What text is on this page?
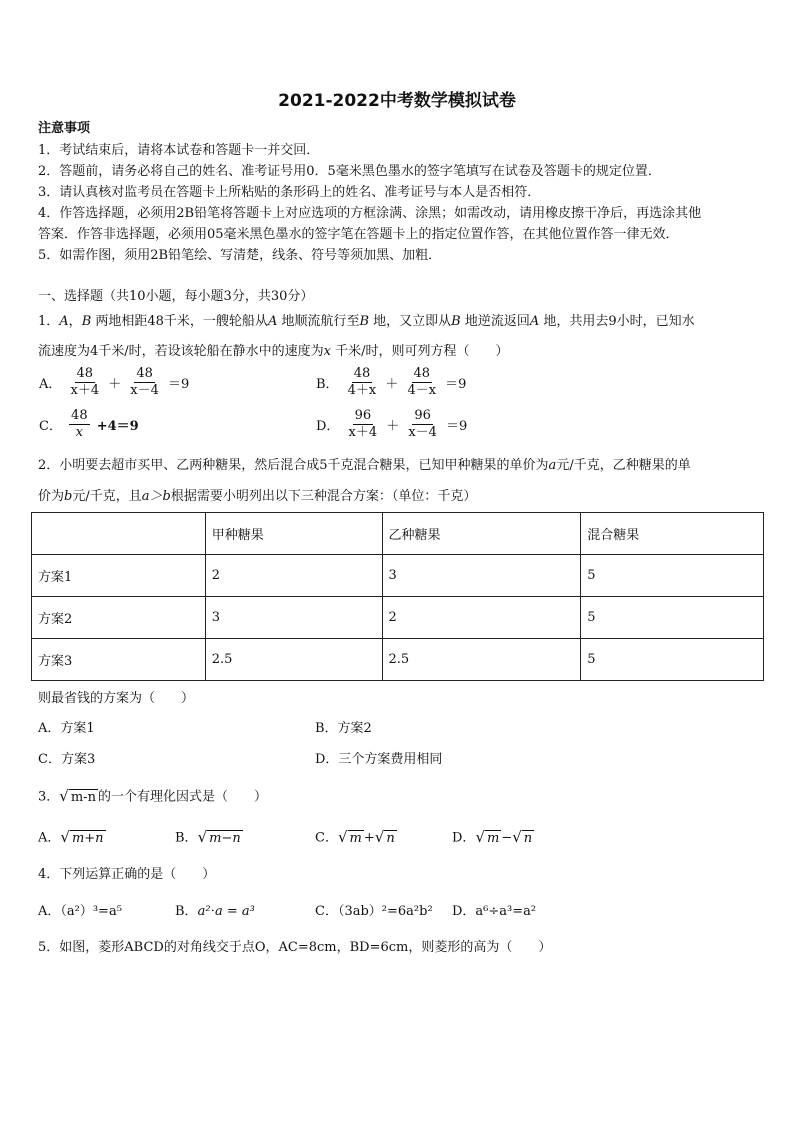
2021-2022中考数学模拟试卷
注意事项
1．考试结束后，请将本试卷和答题卡一并交回．
2．答题前，请务必将自己的姓名、准考证号用0．5毫米黑色墨水的签字笔填写在试卷及答题卡的规定位置．
3．请认真核对监考员在答题卡上所粘贴的条形码上的姓名、准考证号与本人是否相符．
4．作答选择题，必须用2B铅笔将答题卡上对应选项的方框涂满、涂黑；如需改动，请用橡皮擦干净后，再选涂其他
答案．作答非选择题，必须用05毫米黑色墨水的签字笔在答题卡上的指定位置作答，在其他位置作答一律无效．
5．如需作图，须用2B铅笔绘、写清楚，线条、符号等须加黑、加粗．
一、选择题（共10小题，每小题3分，共30分）
1．A，B 两地相距48千米，一艘轮船从A 地顺流航行至B 地，又立即从B 地逆流返回A 地，共用去9小时，已知水
流速度为4千米/时，若设该轮船在静水中的速度为x 千米/时，则可列方程（　　）
A． $\frac{48}{x+4} + \frac{48}{x-4} =9$	B． $\frac{48}{4+x} + \frac{48}{4-x} =9$
C． $\frac{48}{x} +4=9$	D． $\frac{96}{x+4} + \frac{96}{x-4} =9$
2．小明要去超市买甲、乙两种糖果，然后混合成5千克混合糖果，已知甲种糖果的单价为a元/千克，乙种糖果的单
价为b元/千克，且a＞b根据需要小明列出以下三种混合方案：（单位：千克）
	甲种糖果	乙种糖果	混合糖果
方案1	2	3	5
方案2	3	2	5
方案3	2.5	2.5	5
则最省钱的方案为（　　）
A．方案1	B．方案2
C．方案3	D．三个方案费用相同
3．√ m-n 的一个有理化因式是（　　）
A．√ m+n	B．√ m−n	C．√ m +√ n	D．√ m −√ n
4．下列运算正确的是（　　）
A．（a²）³=a⁵	B．a²⋅a = a³	C．（3ab）²=6a²b² D．a⁶÷a³=a²
5．如图，菱形ABCD的对角线交于点O，AC=8cm，BD=6cm，则菱形的高为（　　）
